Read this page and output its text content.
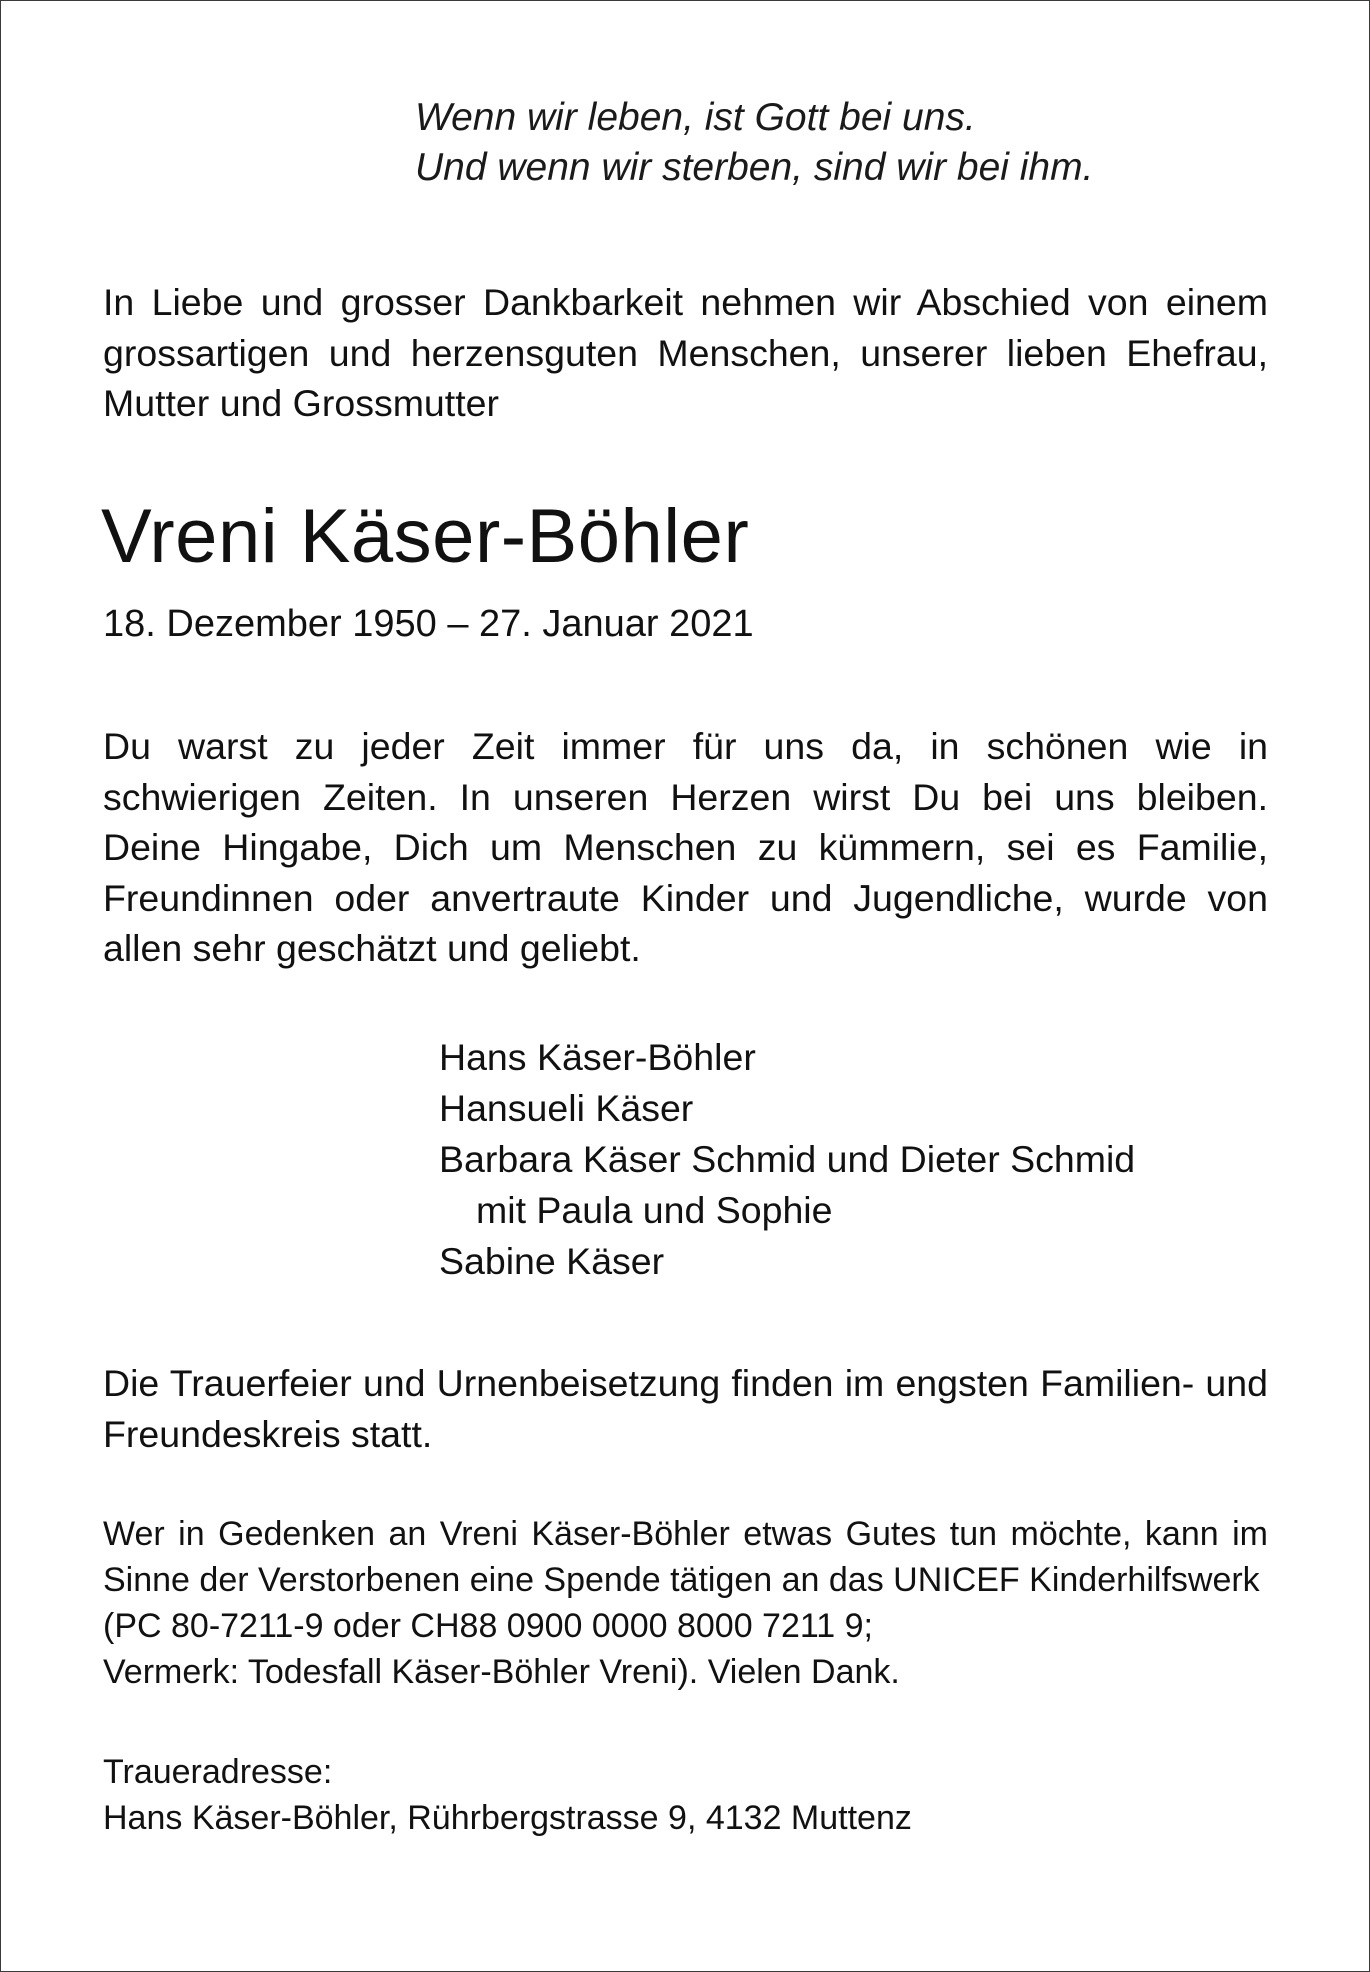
Wenn wir leben, ist Gott bei uns.
Und wenn wir sterben, sind wir bei ihm.
In Liebe und grosser Dankbarkeit nehmen wir Abschied von einem grossartigen und herzensguten Menschen, unserer lieben Ehefrau, Mutter und Grossmutter
Vreni Käser-Böhler
18. Dezember 1950 – 27. Januar 2021
Du warst zu jeder Zeit immer für uns da, in schönen wie in schwierigen Zeiten. In unseren Herzen wirst Du bei uns bleiben. Deine Hingabe, Dich um Menschen zu kümmern, sei es Familie, Freundinnen oder anvertraute Kinder und Jugendliche, wurde von allen sehr geschätzt und geliebt.
Hans Käser-Böhler
Hansueli Käser
Barbara Käser Schmid und Dieter Schmid
mit Paula und Sophie
Sabine Käser
Die Trauerfeier und Urnenbeisetzung finden im engsten Familien- und Freundeskreis statt.
Wer in Gedenken an Vreni Käser-Böhler etwas Gutes tun möchte, kann im Sinne der Verstorbenen eine Spende tätigen an das UNICEF Kinderhilfswerk
(PC 80-7211-9 oder CH88 0900 0000 8000 7211 9;
Vermerk: Todesfall Käser-Böhler Vreni). Vielen Dank.
Traueradresse:
Hans Käser-Böhler, Rührbergstrasse 9, 4132 Muttenz
